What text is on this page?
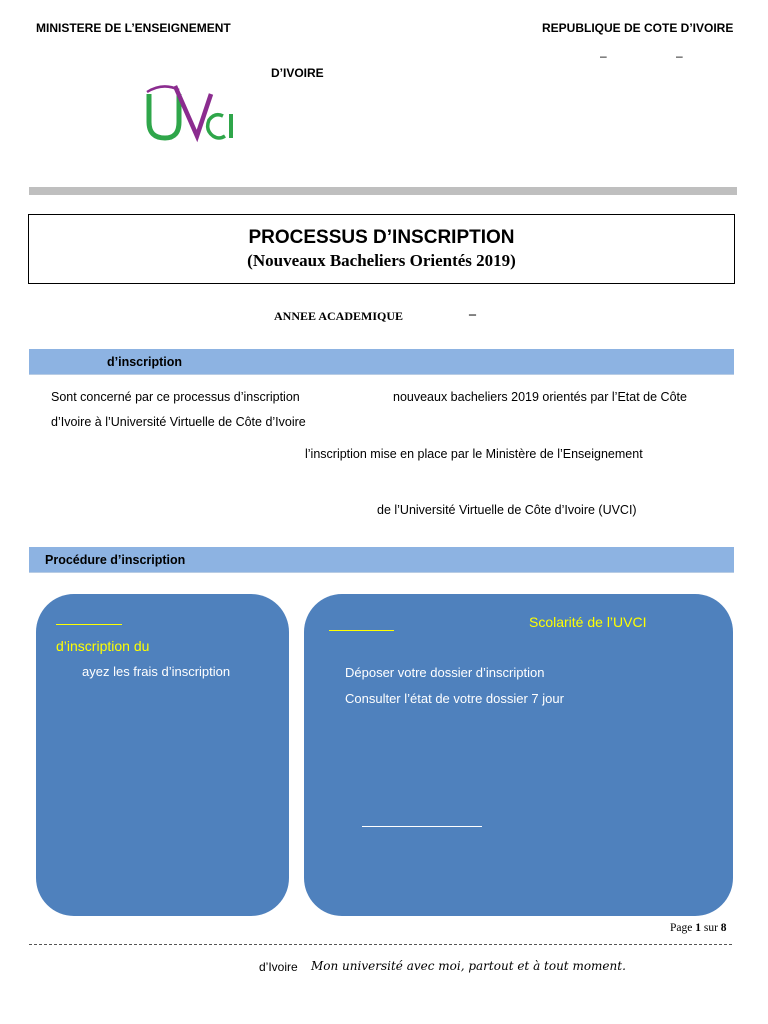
MINISTERE DE L’ENSEIGNEMENT
D’IVOIRE
REPUBLIQUE DE COTE D’IVOIRE
–	–
PROCESSUS D’INSCRIPTION
(Nouveaux Bacheliers Orientés 2019)
ANNEE ACADEMIQUE	–
d’inscription
Sont concerné par ce processus d’inscription	nouveaux bacheliers 2019 orientés par l’Etat de Côte
d’Ivoire à l’Université Virtuelle de Côte d’Ivoire
l’inscription mise en place par le Ministère de l’Enseignement
de l’Université Virtuelle de Côte d’Ivoire (UVCI)
Procédure d’inscription
d’inscription du
ayez les frais d’inscription
Scolarité de l’UVCI
Déposer votre dossier d’inscription
Consulter l’état de votre dossier 7 jour
Page 1 sur 8
d’Ivoire Mon université avec moi, partout et à tout moment.
